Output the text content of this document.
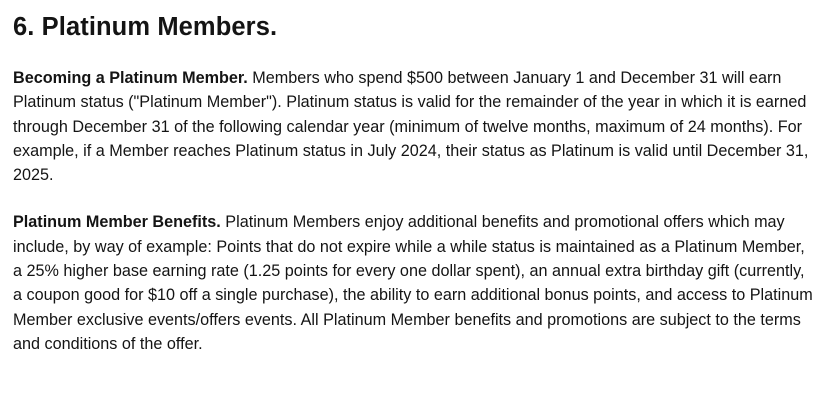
6. Platinum Members.

Becoming a Platinum Member. Members who spend $500 between January 1 and December 31 will earn Platinum status ("Platinum Member"). Platinum status is valid for the remainder of the year in which it is earned through December 31 of the following calendar year (minimum of twelve months, maximum of 24 months). For example, if a Member reaches Platinum status in July 2024, their status as Platinum is valid until December 31, 2025.

Platinum Member Benefits. Platinum Members enjoy additional benefits and promotional offers which may include, by way of example: Points that do not expire while a while status is maintained as a Platinum Member, a 25% higher base earning rate (1.25 points for every one dollar spent), an annual extra birthday gift (currently, a coupon good for $10 off a single purchase), the ability to earn additional bonus points, and access to Platinum Member exclusive events/offers events. All Platinum Member benefits and promotions are subject to the terms and conditions of the offer.
